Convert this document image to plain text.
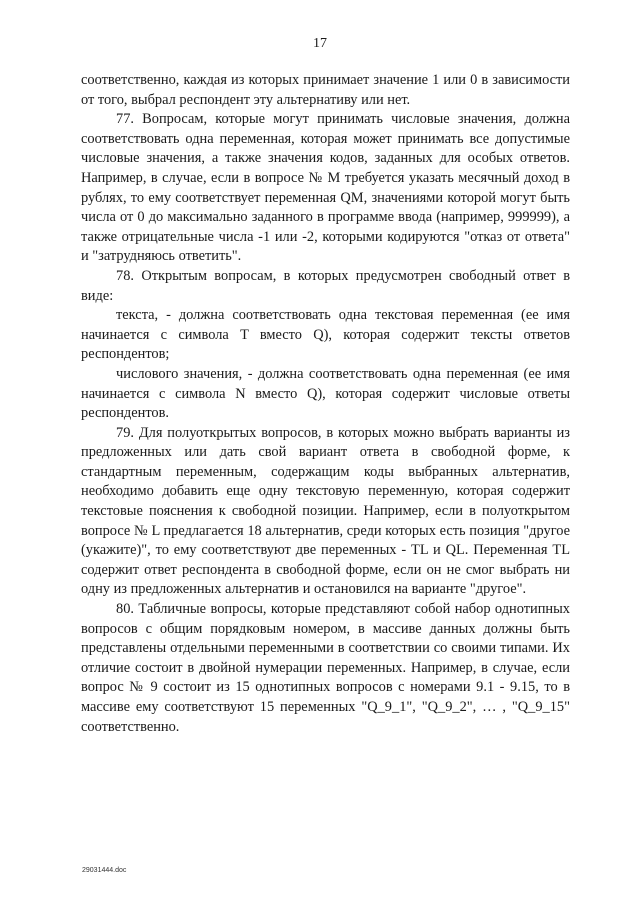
17

соответственно, каждая из которых принимает значение 1 или 0 в зависимости от того, выбрал респондент эту альтернативу или нет.

77. Вопросам, которые могут принимать числовые значения, должна соответствовать одна переменная, которая может принимать все допустимые числовые значения, а также значения кодов, заданных для особых ответов. Например, в случае, если в вопросе № M требуется указать месячный доход в рублях, то ему соответствует переменная QM, значениями которой могут быть числа от 0 до максимально заданного в программе ввода (например, 999999), а также отрицательные числа -1 или -2, которыми кодируются "отказ от ответа" и "затрудняюсь ответить".

78. Открытым вопросам, в которых предусмотрен свободный ответ в виде:

текста, - должна соответствовать одна текстовая переменная (ее имя начинается с символа T вместо Q), которая содержит тексты ответов респондентов;

числового значения, - должна соответствовать одна переменная (ее имя начинается с символа N вместо Q), которая содержит числовые ответы респондентов.

79. Для полуоткрытых вопросов, в которых можно выбрать варианты из предложенных или дать свой вариант ответа в свободной форме, к стандартным переменным, содержащим коды выбранных альтернатив, необходимо добавить еще одну текстовую переменную, которая содержит текстовые пояснения к свободной позиции. Например, если в полуоткрытом вопросе № L предлагается 18 альтернатив, среди которых есть позиция "другое (укажите)", то ему соответствуют две переменных - TL и QL. Переменная TL содержит ответ респондента в свободной форме, если он не смог выбрать ни одну из предложенных альтернатив и остановился на варианте "другое".

80. Табличные вопросы, которые представляют собой набор однотипных вопросов с общим порядковым номером, в массиве данных должны быть представлены отдельными переменными в соответствии со своими типами. Их отличие состоит в двойной нумерации переменных. Например, в случае, если вопрос № 9 состоит из 15 однотипных вопросов с номерами 9.1 - 9.15, то в массиве ему соответствуют 15 переменных "Q_9_1", "Q_9_2", … , "Q_9_15" соответственно.

29031444.doc
